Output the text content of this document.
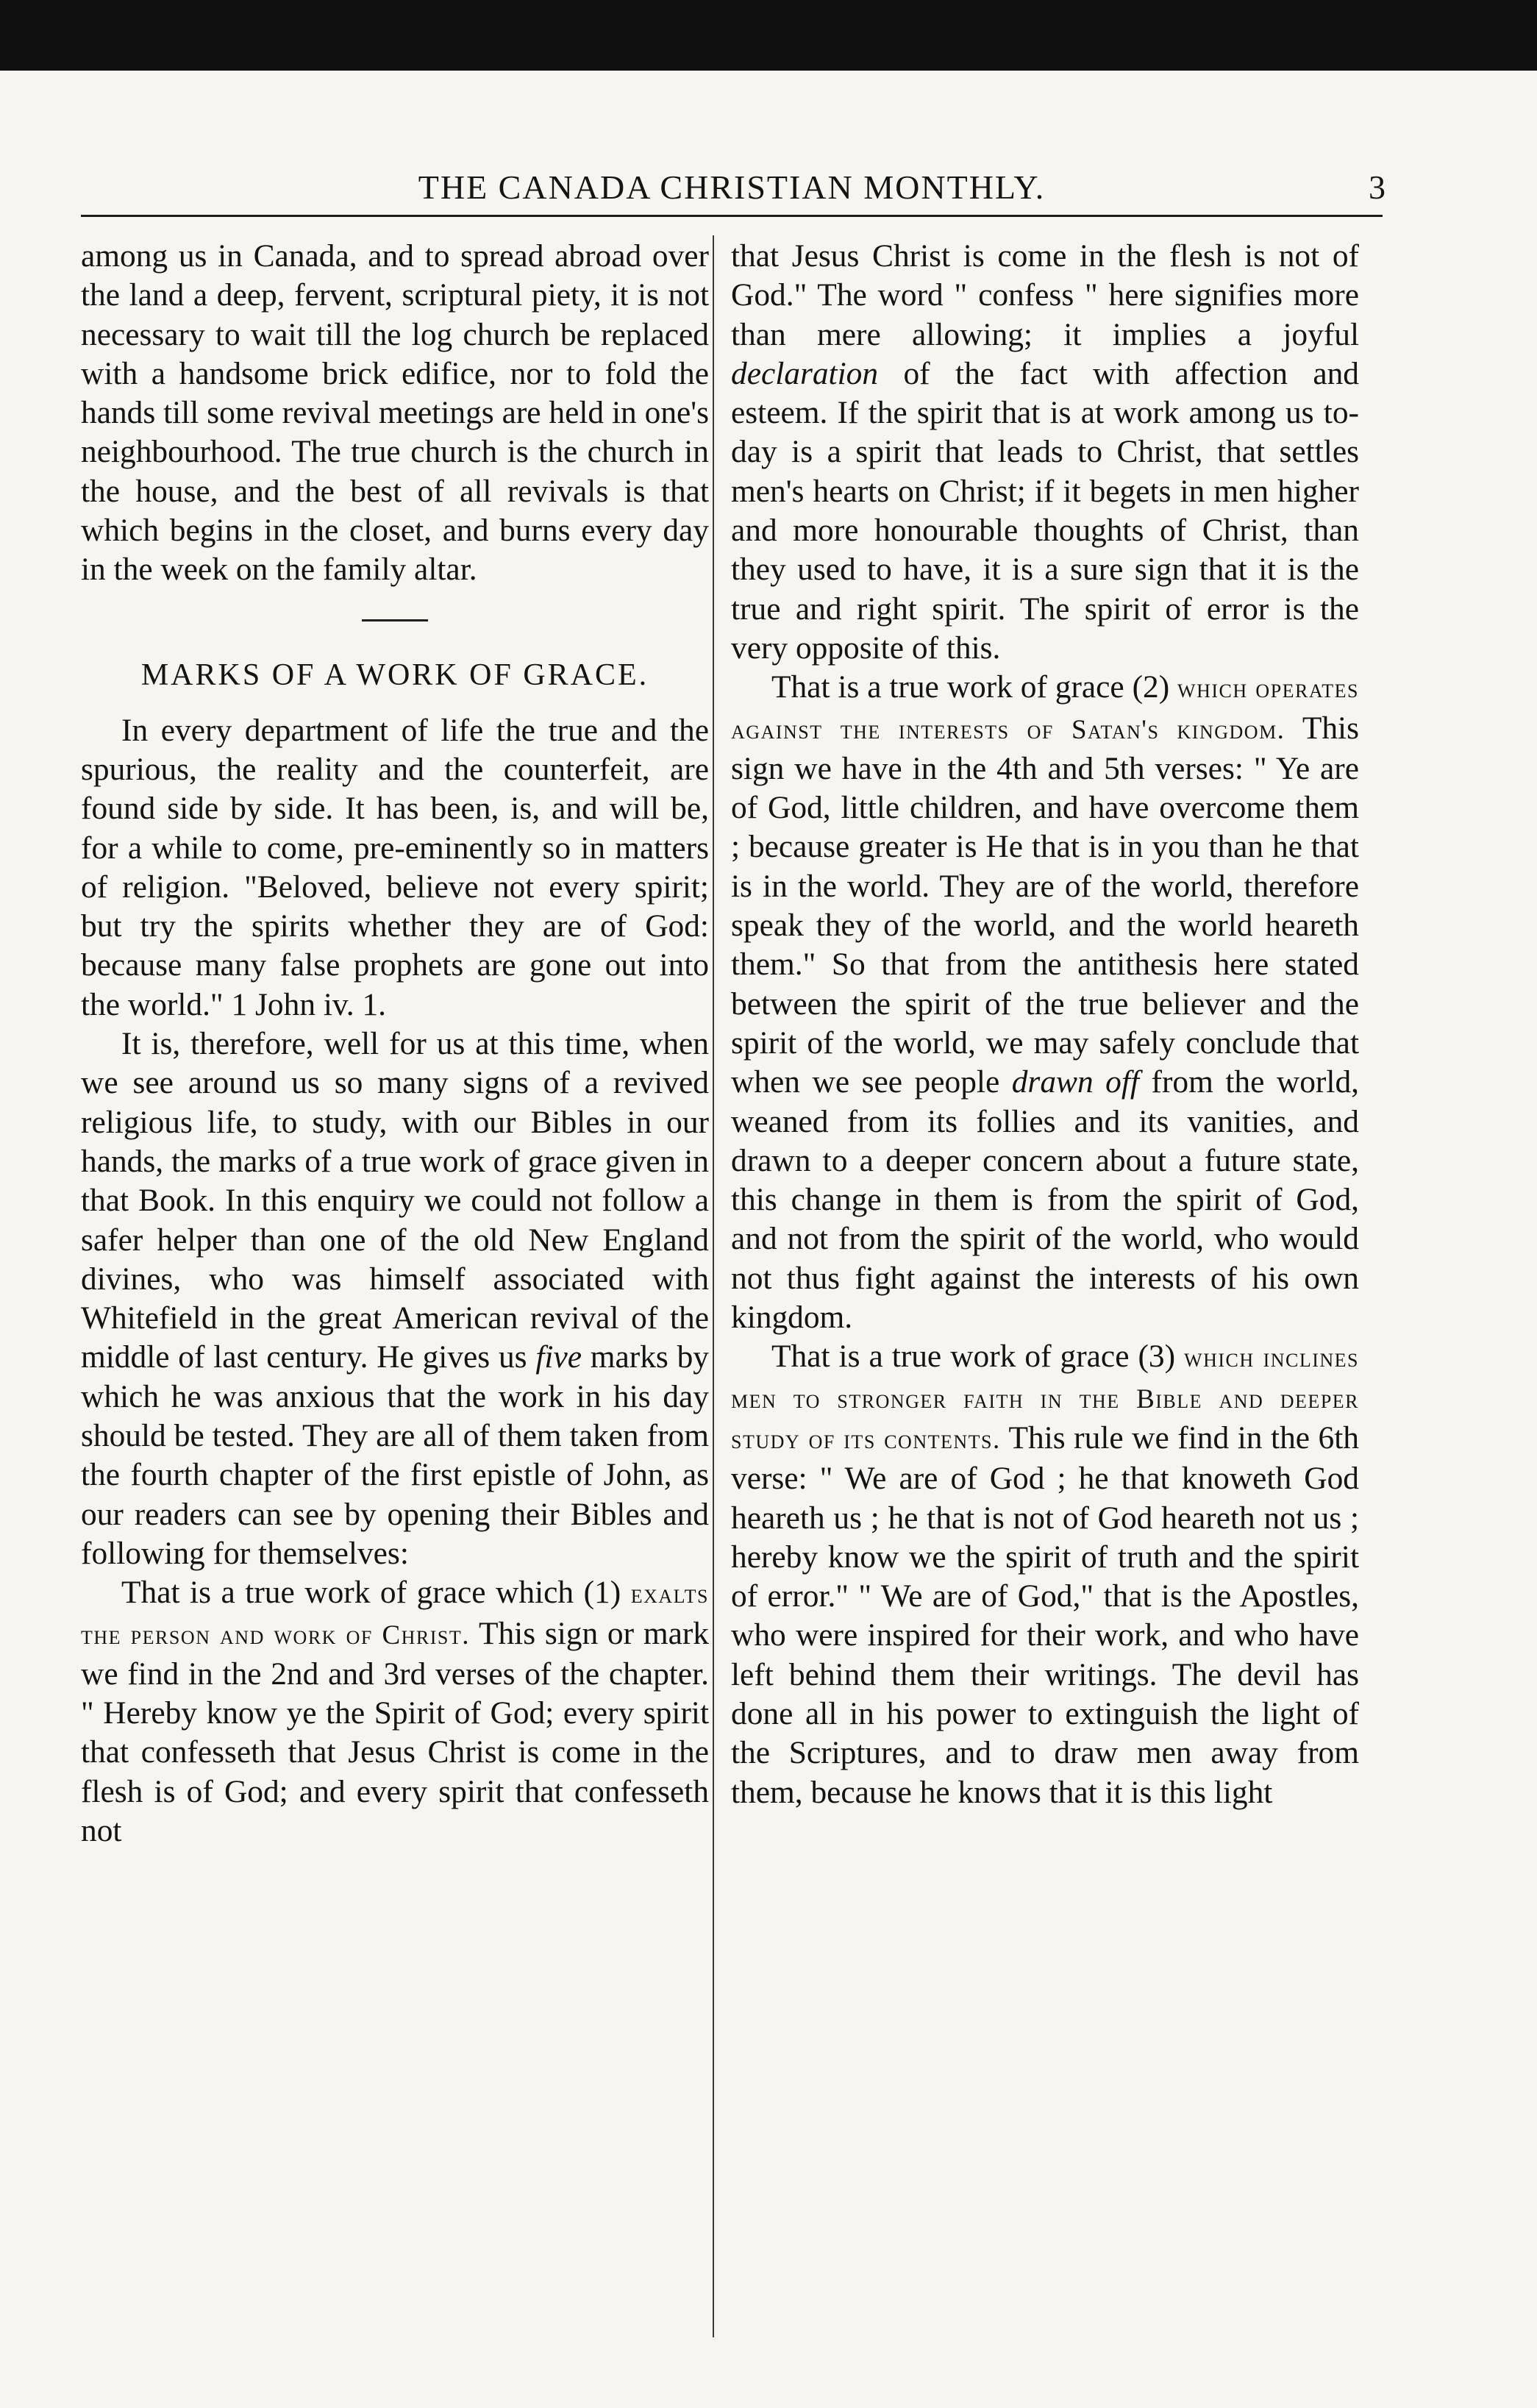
THE CANADA CHRISTIAN MONTHLY.	3

among us in Canada, and to spread abroad over the land a deep, fervent, scriptural piety, it is not necessary to wait till the log church be replaced with a handsome brick edifice, nor to fold the hands till some revival meetings are held in one's neighbourhood. The true church is the church in the house, and the best of all revivals is that which begins in the closet, and burns every day in the week on the family altar.

MARKS OF A WORK OF GRACE.

In every department of life the true and the spurious, the reality and the counterfeit, are found side by side. It has been, is, and will be, for a while to come, pre-eminently so in matters of religion. "Beloved, believe not every spirit; but try the spirits whether they are of God: because many false prophets are gone out into the world." 1 John iv. 1.

It is, therefore, well for us at this time, when we see around us so many signs of a revived religious life, to study, with our Bibles in our hands, the marks of a true work of grace given in that Book. In this enquiry we could not follow a safer helper than one of the old New England divines, who was himself associated with Whitefield in the great American revival of the middle of last century. He gives us five marks by which he was anxious that the work in his day should be tested. They are all of them taken from the fourth chapter of the first epistle of John, as our readers can see by opening their Bibles and following for themselves:

That is a true work of grace which (1) exalts the person and work of Christ. This sign or mark we find in the 2nd and 3rd verses of the chapter. " Hereby know ye the Spirit of God; every spirit that confesseth that Jesus Christ is come in the flesh is of God; and every spirit that confesseth not

that Jesus Christ is come in the flesh is not of God." The word " confess " here signifies more than mere allowing; it implies a joyful declaration of the fact with affection and esteem. If the spirit that is at work among us to-day is a spirit that leads to Christ, that settles men's hearts on Christ; if it begets in men higher and more honourable thoughts of Christ, than they used to have, it is a sure sign that it is the true and right spirit. The spirit of error is the very opposite of this.

That is a true work of grace (2) which operates against the interests of Satan's kingdom. This sign we have in the 4th and 5th verses: " Ye are of God, little children, and have overcome them ; because greater is He that is in you than he that is in the world. They are of the world, therefore speak they of the world, and the world heareth them." So that from the antithesis here stated between the spirit of the true believer and the spirit of the world, we may safely conclude that when we see people drawn off from the world, weaned from its follies and its vanities, and drawn to a deeper concern about a future state, this change in them is from the spirit of God, and not from the spirit of the world, who would not thus fight against the interests of his own kingdom.

That is a true work of grace (3) which inclines men to stronger faith in the Bible and deeper study of its contents. This rule we find in the 6th verse: " We are of God ; he that knoweth God heareth us ; he that is not of God heareth not us ; hereby know we the spirit of truth and the spirit of error." " We are of God," that is the Apostles, who were inspired for their work, and who have left behind them their writings. The devil has done all in his power to extinguish the light of the Scriptures, and to draw men away from them, because he knows that it is this light
